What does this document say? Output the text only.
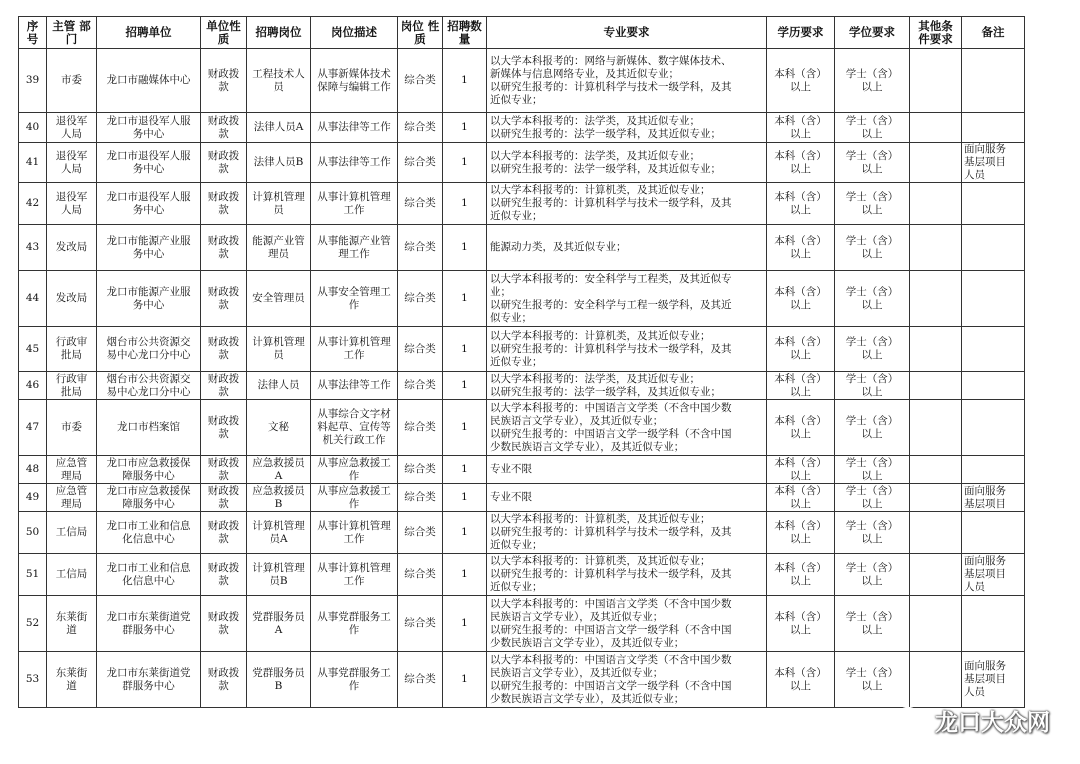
序 号	主管 部门	招聘单位	单位性 质	招聘岗位	岗位描述	岗位 性 质	招聘数 量	专业要求	学历要求	学位要求	其他条 件要求	备注
39	市委	龙口市融媒体中心	财政拨
款	工程技术人
员	从事新媒体技术
保障与编辑工作	综合类	1	以大学本科报考的：网络与新媒体、数字媒体技术、
新媒体与信息网络专业，及其近似专业；
以研究生报考的：计算机科学与技术一级学科，及其
近似专业；	本科（含）
以上	学士（含）
以上		
40	退役军
人局	龙口市退役军人服
务中心	财政拨
款	法律人员A	从事法律等工作	综合类	1	以大学本科报考的：法学类，及其近似专业；
以研究生报考的：法学一级学科，及其近似专业；	本科（含）
以上	学士（含）
以上		
41	退役军
人局	龙口市退役军人服
务中心	财政拨
款	法律人员B	从事法律等工作	综合类	1	以大学本科报考的：法学类，及其近似专业；
以研究生报考的：法学一级学科，及其近似专业；	本科（含）
以上	学士（含）
以上		面向服务
基层项目
人员
42	退役军
人局	龙口市退役军人服
务中心	财政拨
款	计算机管理
员	从事计算机管理
工作	综合类	1	以大学本科报考的：计算机类，及其近似专业；
以研究生报考的：计算机科学与技术一级学科，及其
近似专业；	本科（含）
以上	学士（含）
以上		
43	发改局	龙口市能源产业服
务中心	财政拨
款	能源产业管
理员	从事能源产业管
理工作	综合类	1	能源动力类，及其近似专业；	本科（含）
以上	学士（含）
以上		
44	发改局	龙口市能源产业服
务中心	财政拨
款	安全管理员	从事安全管理工
作	综合类	1	以大学本科报考的：安全科学与工程类，及其近似专
业；
以研究生报考的：安全科学与工程一级学科，及其近
似专业；	本科（含）
以上	学士（含）
以上		
45	行政审
批局	烟台市公共资源交
易中心龙口分中心	财政拨
款	计算机管理
员	从事计算机管理
工作	综合类	1	以大学本科报考的：计算机类，及其近似专业；
以研究生报考的：计算机科学与技术一级学科，及其
近似专业；	本科（含）
以上	学士（含）
以上		
46	行政审
批局	烟台市公共资源交
易中心龙口分中心	财政拨
款	法律人员	从事法律等工作	综合类	1	以大学本科报考的：法学类，及其近似专业；
以研究生报考的：法学一级学科，及其近似专业；	本科（含）
以上	学士（含）
以上		
47	市委	龙口市档案馆	财政拨
款	文秘	从事综合文字材
料起草、宣传等
机关行政工作	综合类	1	以大学本科报考的：中国语言文学类（不含中国少数
民族语言文学专业），及其近似专业；
以研究生报考的：中国语言文学一级学科（不含中国
少数民族语言文学专业），及其近似专业；	本科（含）
以上	学士（含）
以上		
48	应急管
理局	龙口市应急救援保
障服务中心	财政拨
款	应急救援员
A	从事应急救援工
作	综合类	1	专业不限	本科（含）
以上	学士（含）
以上		
49	应急管
理局	龙口市应急救援保
障服务中心	财政拨
款	应急救援员
B	从事应急救援工
作	综合类	1	专业不限	本科（含）
以上	学士（含）
以上		面向服务
基层项目
50	工信局	龙口市工业和信息
化信息中心	财政拨
款	计算机管理
员A	从事计算机管理
工作	综合类	1	以大学本科报考的：计算机类，及其近似专业；
以研究生报考的：计算机科学与技术一级学科，及其
近似专业；	本科（含）
以上	学士（含）
以上		
51	工信局	龙口市工业和信息
化信息中心	财政拨
款	计算机管理
员B	从事计算机管理
工作	综合类	1	以大学本科报考的：计算机类，及其近似专业；
以研究生报考的：计算机科学与技术一级学科，及其
近似专业；	本科（含）
以上	学士（含）
以上		面向服务
基层项目
人员
52	东莱街
道	龙口市东莱街道党
群服务中心	财政拨
款	党群服务员
A	从事党群服务工
作	综合类	1	以大学本科报考的：中国语言文学类（不含中国少数
民族语言文学专业），及其近似专业；
以研究生报考的：中国语言文学一级学科（不含中国
少数民族语言文学专业），及其近似专业；	本科（含）
以上	学士（含）
以上		
53	东莱街
道	龙口市东莱街道党
群服务中心	财政拨
款	党群服务员
B	从事党群服务工
作	综合类	1	以大学本科报考的：中国语言文学类（不含中国少数
民族语言文学专业），及其近似专业；
以研究生报考的：中国语言文学一级学科（不含中国
少数民族语言文学专业），及其近似专业；	本科（含）
以上	学士（含）
以上		面向服务
基层项目
人员
龙口大众网
